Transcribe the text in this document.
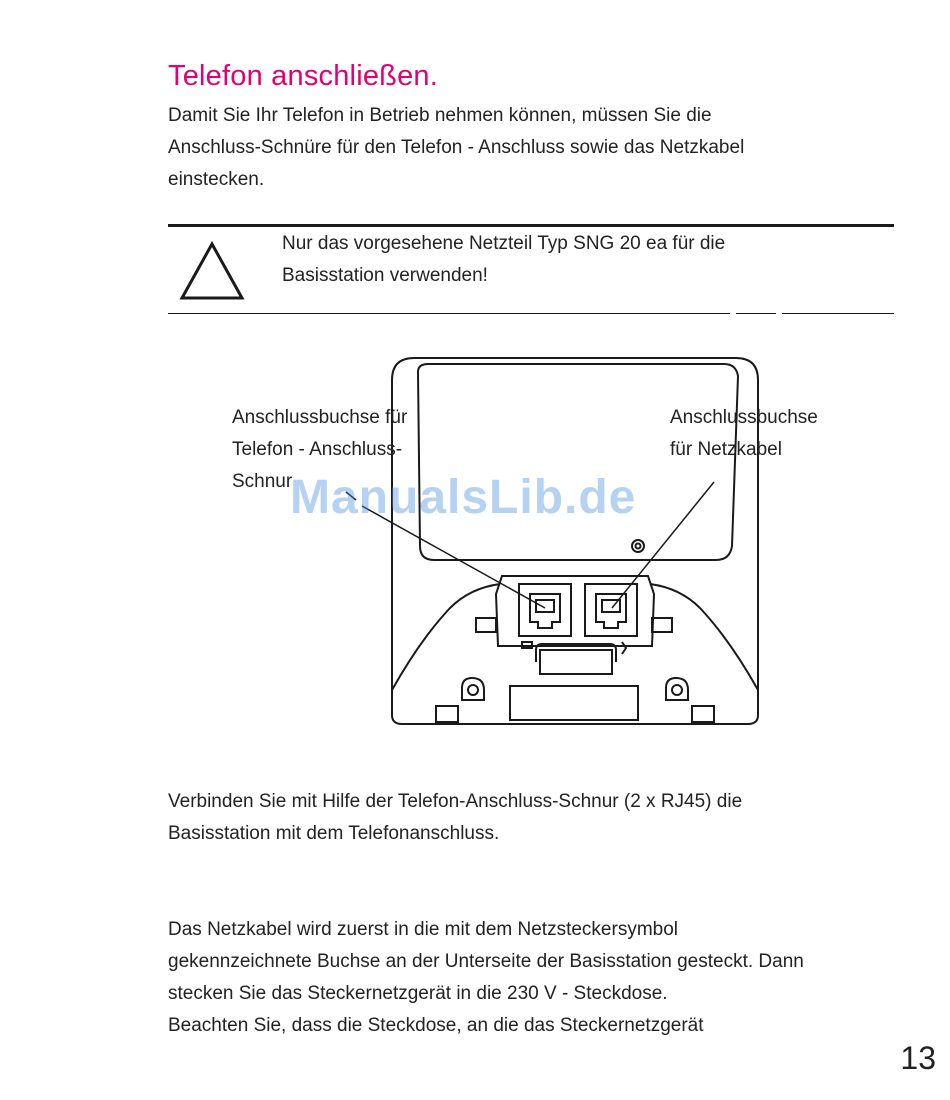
Telefon anschließen.
Damit Sie Ihr Telefon in Betrieb nehmen können, müssen Sie die
Anschluss-Schnüre für den Telefon - Anschluss sowie das Netzkabel
einstecken.
Nur das vorgesehene Netzteil Typ SNG 20 ea für die
Basisstation verwenden!
Anschlussbuchse für
Telefon - Anschluss-
Schnur
Anschlussbuchse
für Netzkabel
ManualsLib.de
Verbinden Sie mit Hilfe der Telefon-Anschluss-Schnur (2 x RJ45) die
Basisstation mit dem Telefonanschluss.
Das Netzkabel wird zuerst in die mit dem Netzsteckersymbol
gekennzeichnete Buchse an der Unterseite der Basisstation gesteckt. Dann
stecken Sie das Steckernetzgerät in die 230 V - Steckdose.
Beachten Sie, dass die Steckdose, an die das Steckernetzgerät
13
